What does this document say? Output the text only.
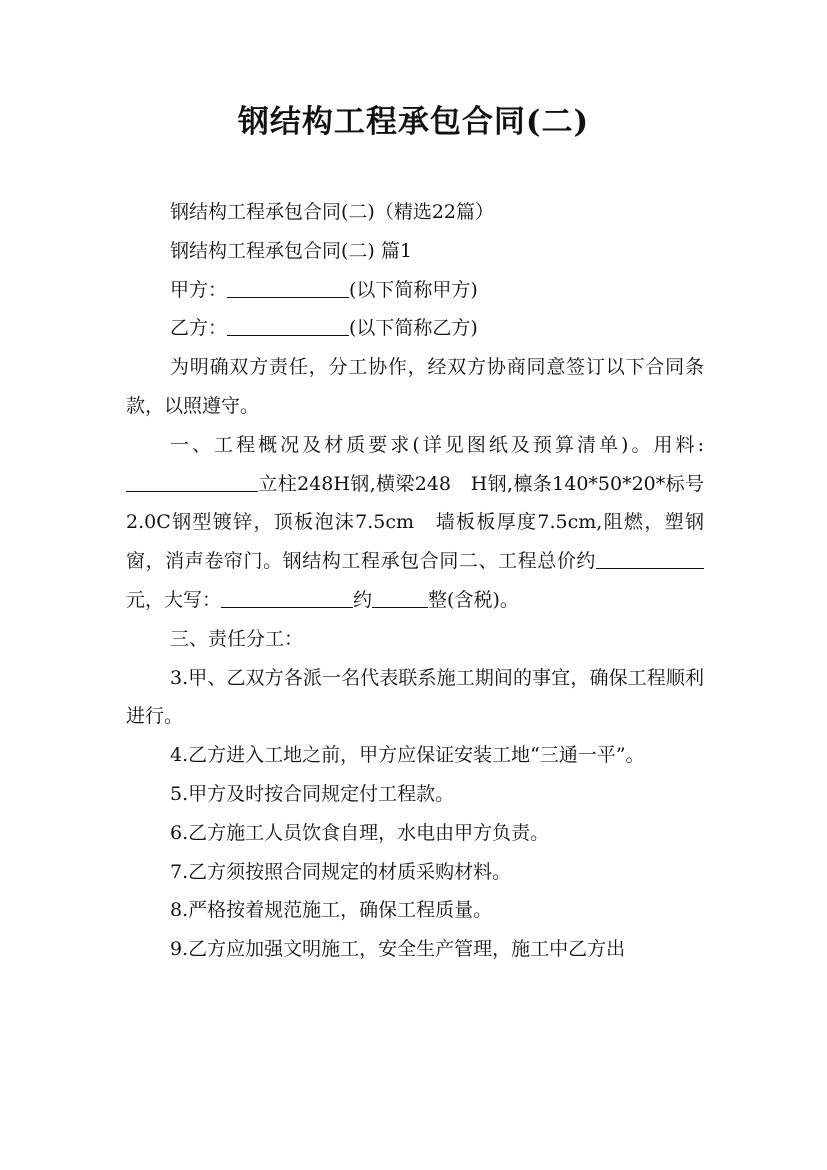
钢结构工程承包合同(二)

钢结构工程承包合同(二)（精选22篇）

钢结构工程承包合同(二) 篇1

甲方：	(以下简称甲方)

乙方：	(以下简称乙方)

为明确双方责任，分工协作，经双方协商同意签订以下合同条款，以照遵守。

一、工程概况及材质要求(详见图纸及预算清单)。用料:立柱248H钢,横梁248　H钢,檩条140*50*20*标号2.0C钢型镀锌，顶板泡沫7.5cm　墙板板厚度7.5cm,阻燃，塑钢窗，消声卷帘门。钢结构工程承包合同二、工程总价约元，大写：	约	整(含税)。

三、责任分工：

3.甲、乙双方各派一名代表联系施工期间的事宜，确保工程顺利进行。

4.乙方进入工地之前，甲方应保证安装工地“三通一平”。

5.甲方及时按合同规定付工程款。

6.乙方施工人员饮食自理，水电由甲方负责。

7.乙方须按照合同规定的材质采购材料。

8.严格按着规范施工，确保工程质量。

9.乙方应加强文明施工，安全生产管理，施工中乙方出
